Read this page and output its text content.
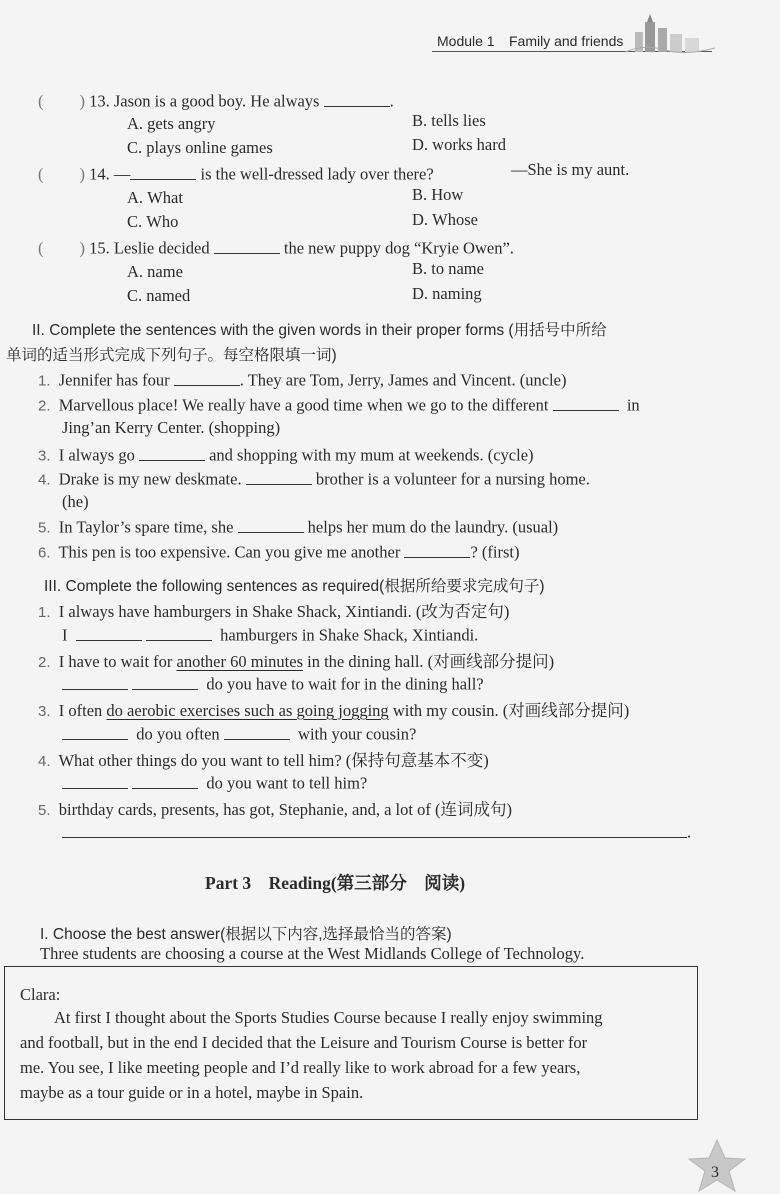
Module 1 Family and friends
( ) 13. Jason is a good boy. He always	.
A. gets angry	B. tells lies
C. plays online games	D. works hard
( ) 14. —	is the well-dressed lady over there?	—She is my aunt.
A. What	B. How
C. Who	D. Whose
( ) 15. Leslie decided	the new puppy dog “Kryie Owen”.
A. name	B. to name
C. named	D. naming
II. Complete the sentences with the given words in their proper forms (用括号中所给
单词的适当形式完成下列句子。每空格限填一词)
1. Jennifer has four	. They are Tom, Jerry, James and Vincent. (uncle)
2. Marvellous place! We really have a good time when we go to the different	in
Jing’an Kerry Center. (shopping)
3. I always go	and shopping with my mum at weekends. (cycle)
4. Drake is my new deskmate.	brother is a volunteer for a nursing home.
(he)
5. In Taylor’s spare time, she	helps her mum do the laundry. (usual)
6. This pen is too expensive. Can you give me another	? (first)
III. Complete the following sentences as required(根据所给要求完成句子)
1. I always have hamburgers in Shake Shack, Xintiandi. (改为否定句)
I	hamburgers in Shake Shack, Xintiandi.
2. I have to wait for another 60 minutes in the dining hall. (对画线部分提问)
do you have to wait for in the dining hall?
3. I often do aerobic exercises such as going jogging with my cousin. (对画线部分提问)
do you often	with your cousin?
4. What other things do you want to tell him? (保持句意基本不变)
do you want to tell him?
5. birthday cards, presents, has got, Stephanie, and, a lot of (连词成句)
.
Part 3　Reading(第三部分　阅读)
I. Choose the best answer(根据以下内容,选择最恰当的答案)
Three students are choosing a course at the West Midlands College of Technology.
Clara:
At first I thought about the Sports Studies Course because I really enjoy swimming
and football, but in the end I decided that the Leisure and Tourism Course is better for
me. You see, I like meeting people and I’d really like to work abroad for a few years,
maybe as a tour guide or in a hotel, maybe in Spain.
3
